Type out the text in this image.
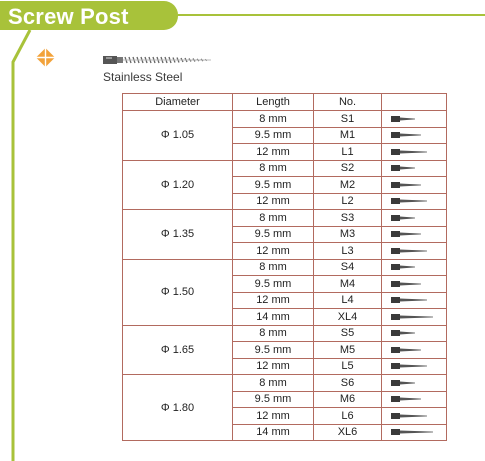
Screw Post
Stainless Steel
Diameter	Length	No.	
Φ 1.05	8 mm	S1	

	9.5 mm	M1	

	12 mm	L1	

Φ 1.20	8 mm	S2	

	9.5 mm	M2	

	12 mm	L2	

Φ 1.35	8 mm	S3	

	9.5 mm	M3	

	12 mm	L3	

Φ 1.50	8 mm	S4	

	9.5 mm	M4	

	12 mm	L4	

	14 mm	XL4	

Φ 1.65	8 mm	S5	

	9.5 mm	M5	

	12 mm	L5	

Φ 1.80	8 mm	S6	

	9.5 mm	M6	

	12 mm	L6	

	14 mm	XL6	
